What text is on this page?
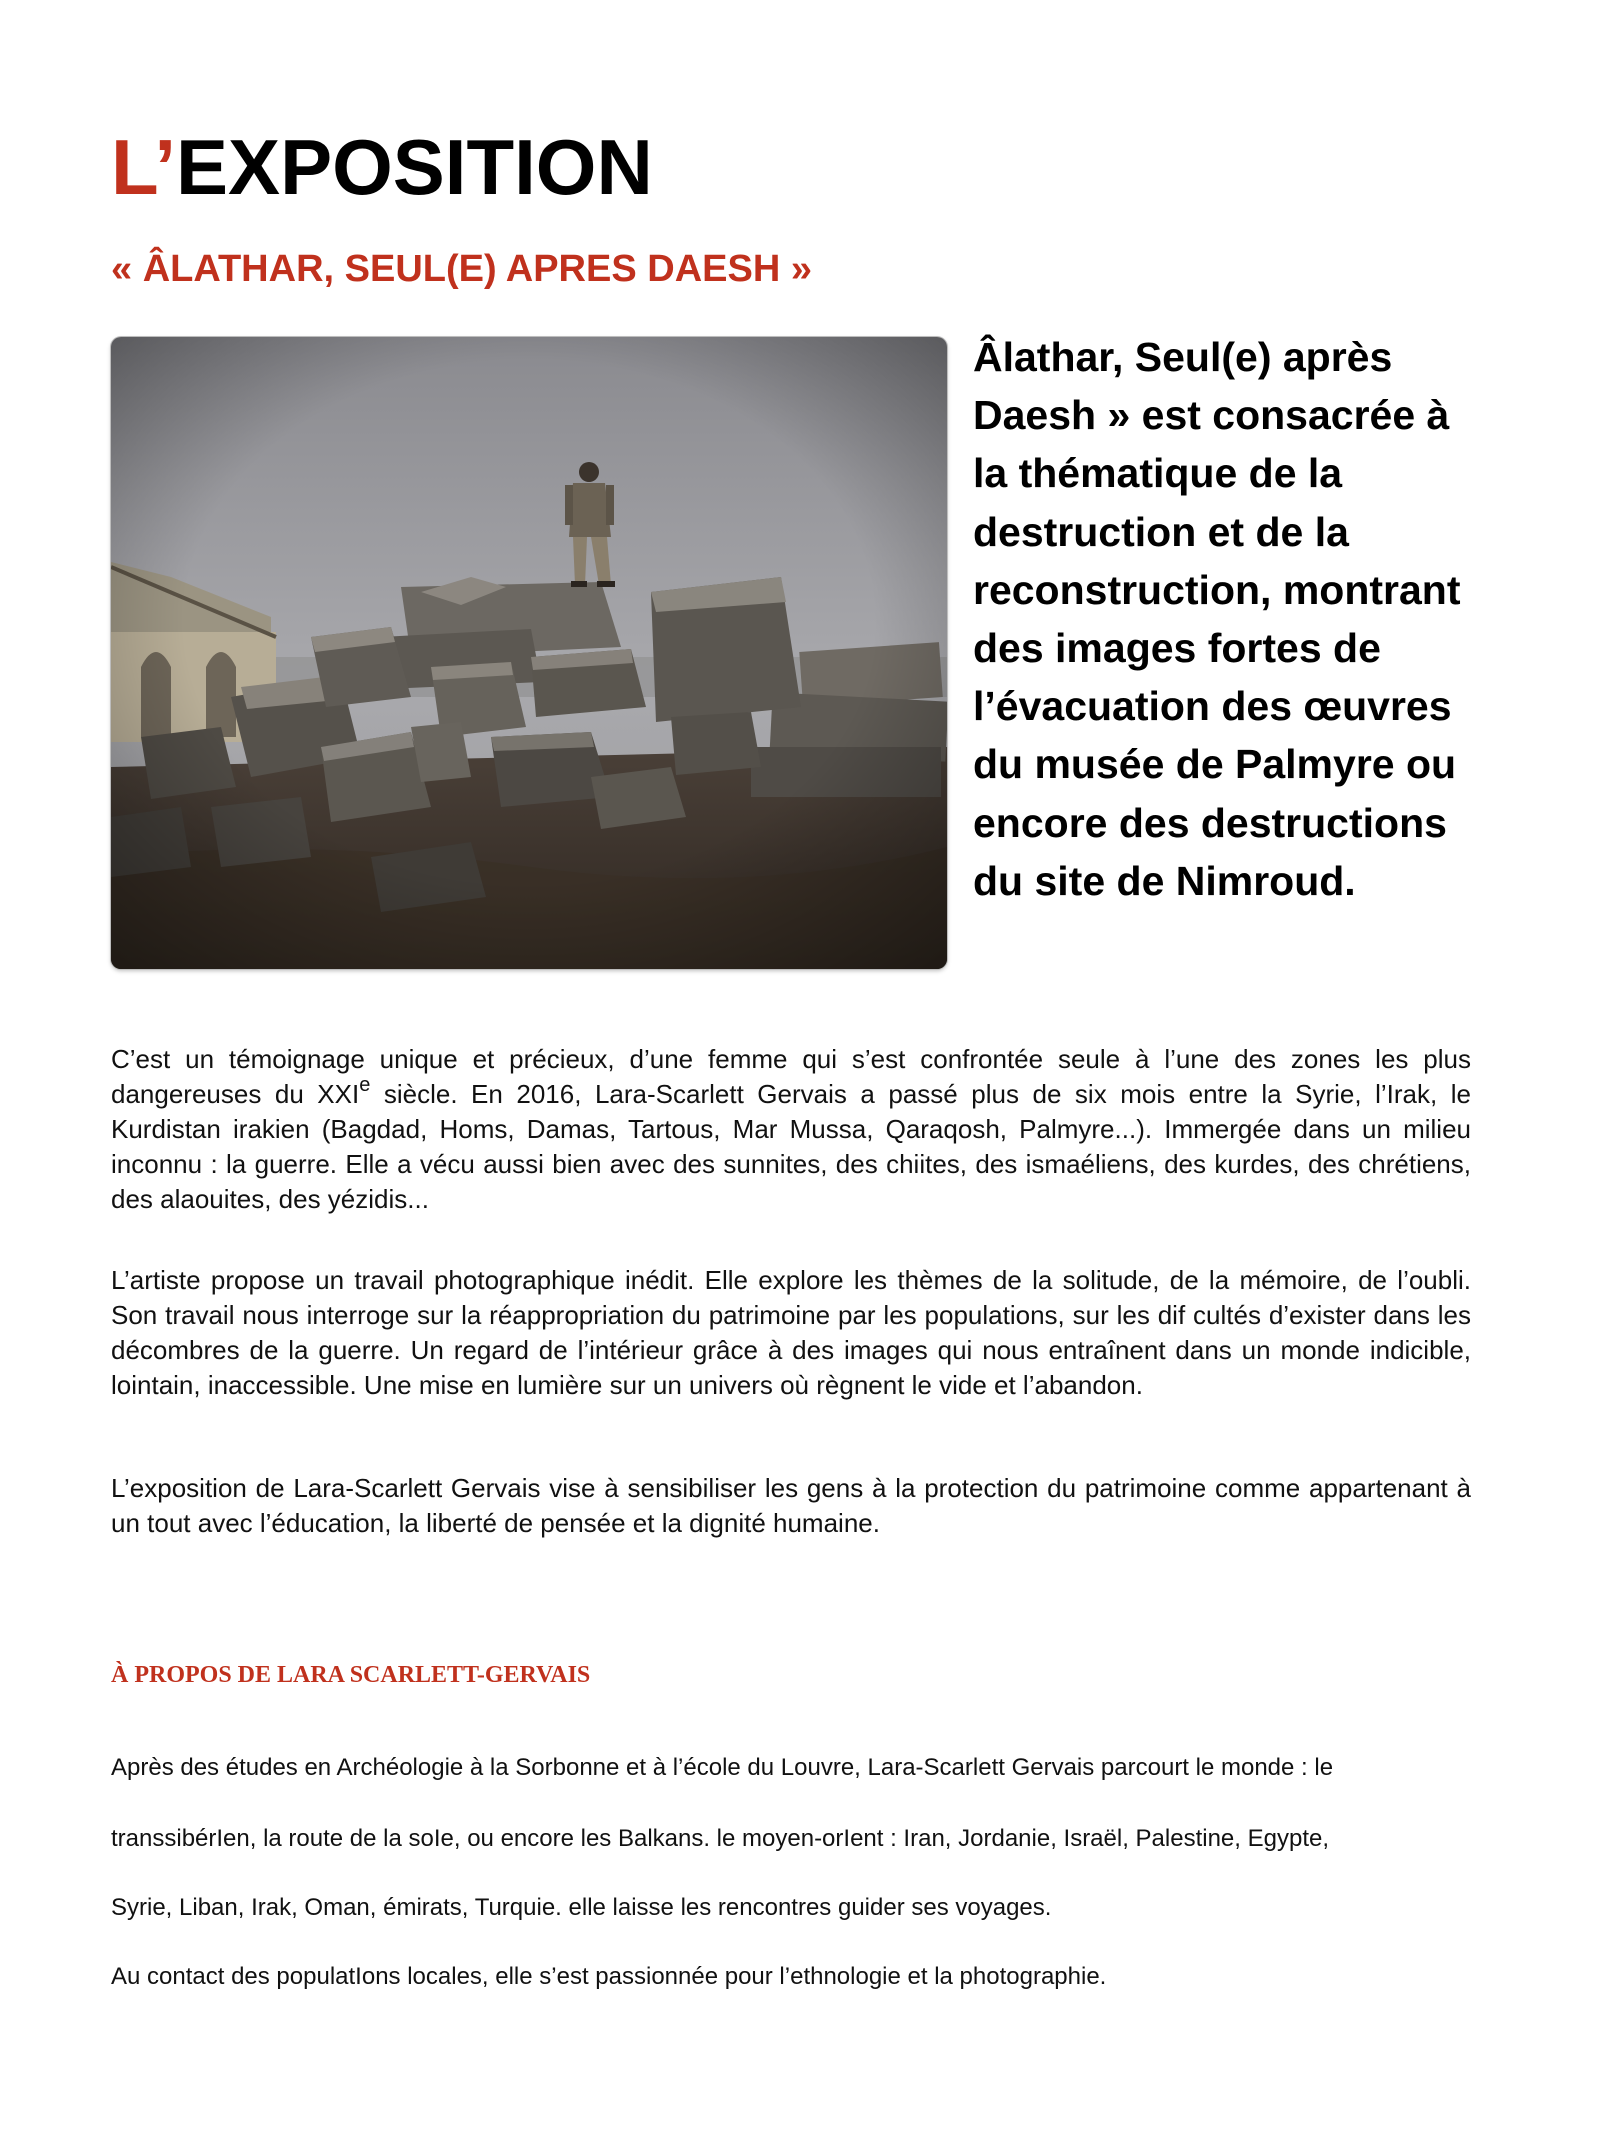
L’EXPOSITION
« ÂLATHAR, SEUL(E) APRES DAESH »

Âlathar, Seul(e) après Daesh » est consacrée à la thématique de la destruction et de la reconstruction, montrant des images fortes de l’évacuation des œuvres du musée de Palmyre ou encore des destructions du site de Nimroud.

C’est un témoignage unique et précieux, d’une femme qui s’est confrontée seule à l’une des zones les plus dangereuses du XXIe siècle. En 2016, Lara-Scarlett Gervais a passé plus de six mois entre la Syrie, l’Irak, le Kurdistan irakien (Bagdad, Homs, Damas, Tartous, Mar Mussa, Qaraqosh, Palmyre...). Immergée dans un milieu inconnu : la guerre. Elle a vécu aussi bien avec des sunnites, des chiites, des ismaéliens, des kurdes, des chrétiens, des alaouites, des yézidis...

L’artiste propose un travail photographique inédit. Elle explore les thèmes de la solitude, de la mémoire, de l’oubli. Son travail nous interroge sur la réappropriation du patrimoine par les populations, sur les dif cultés d’exister dans les décombres de la guerre. Un regard de l’intérieur grâce à des images qui nous entraînent dans un monde indicible, lointain, inaccessible. Une mise en lumière sur un univers où règnent le vide et l’abandon.

L’exposition de Lara-Scarlett Gervais vise à sensibiliser les gens à la protection du patrimoine comme appartenant à un tout avec l’éducation, la liberté de pensée et la dignité humaine.

À PROPOS DE LARA SCARLETT-GERVAIS

Après des études en Archéologie à la Sorbonne et à l’école du Louvre, Lara-Scarlett Gervais parcourt le monde : le

transsibérIen, la route de la soIe, ou encore les Balkans. le moyen-orIent : Iran, Jordanie, Israël, Palestine, Egypte,

Syrie, Liban, Irak, Oman, émirats, Turquie. elle laisse les rencontres guider ses voyages.

Au contact des populatIons locales, elle s’est passionnée pour l’ethnologie et la photographie.
